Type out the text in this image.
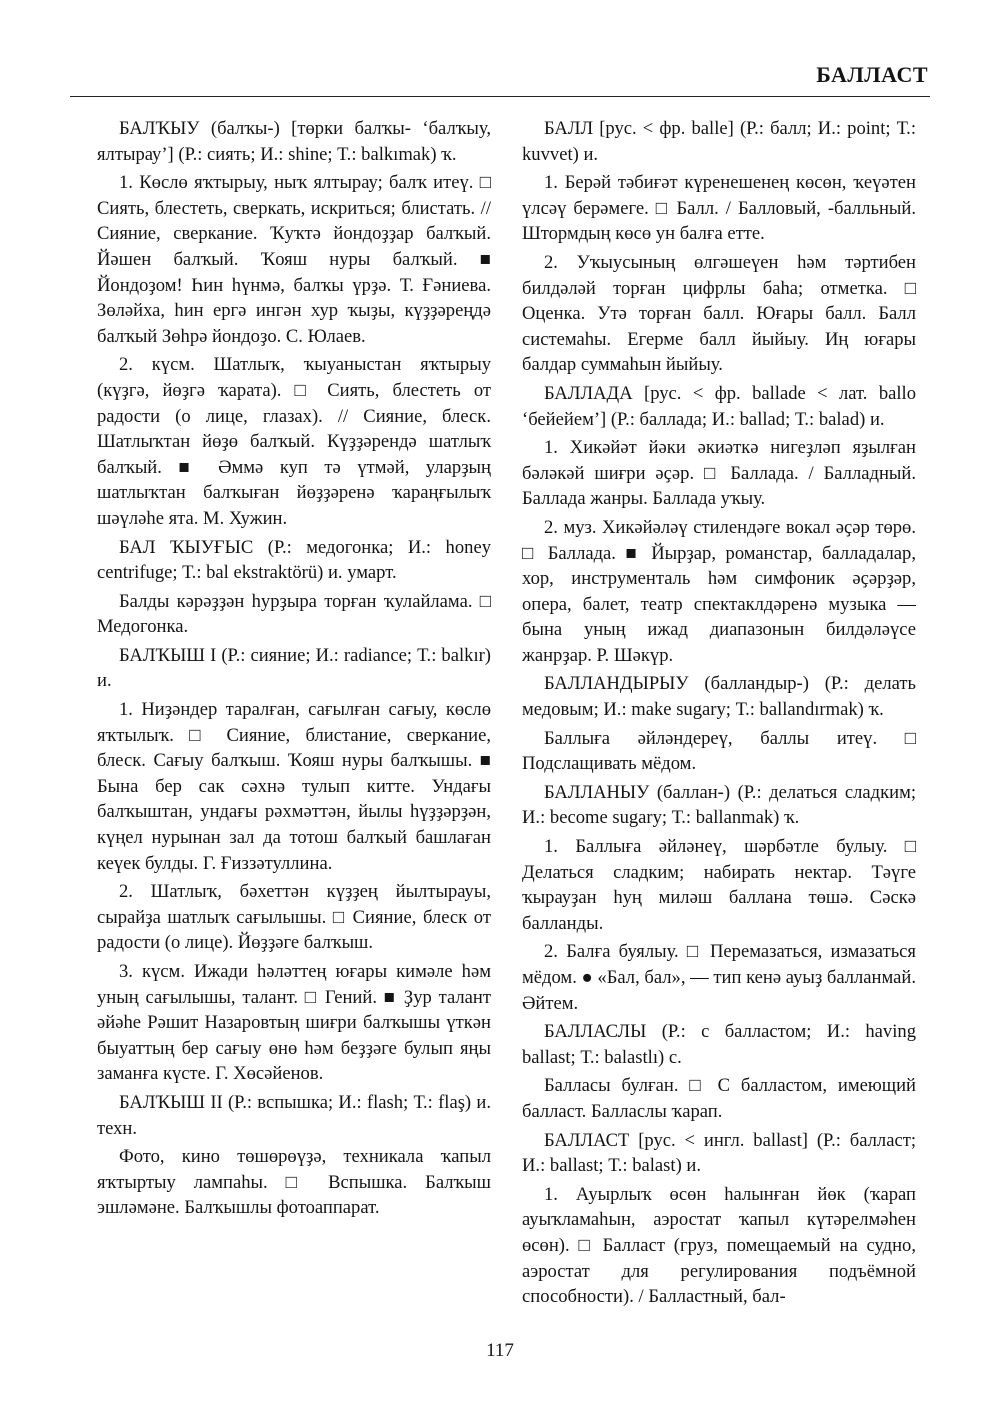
БАЛЛАСТ

БАЛҠЫУ (балҡы-) [төрки балҡы- ‘балҡыу, ялтырау’] (Р.: сиять; И.: shine; Т.: balkımak) ҡ.

1. Көслө яҡтырыу, ныҡ ялтырау; балҡ итеү. □ Сиять, блестеть, сверкать, искриться; блистать. // Сияние, сверкание. Ҡуҡтә йондоҙҙар балҡый. Йәшен балҡый. Ҡояш нуры балҡый. ■ Йондоҙом! Һин һүнмә, балҡы үрҙә. Т. Ғәниева. Зөләйха, һин ергә ингән хур ҡыҙы, күҙҙәреңдә балҡый Зөһрә йондоҙо. С. Юлаев.

2. күсм. Шатлыҡ, ҡыуаныстан яҡтырыу (күҙгә, йөҙгә ҡарата). □ Сиять, блестеть от радости (о лице, глазах). // Сияние, блеск. Шатлыҡтан йөҙө балҡый. Күҙҙәрендә шатлыҡ балҡый. ■ Әммә куп тә үтмәй, уларҙың шатлыҡтан балҡыған йөҙҙәренә ҡараңғылыҡ шәүләһе ята. М. Хужин.

БАЛ ҠЫУҒЫС (Р.: медогонка; И.: honey centrifuge; Т.: bal ekstraktörü) и. умарт.

Балды кәрәҙҙән һурҙыра торған ҡулайлама. □ Медогонка.

БАЛҠЫШ I (Р.: сияние; И.: radiance; Т.: balkır) и.

1. Ниҙәндер таралған, сағылған сағыу, көслө яҡтылыҡ. □ Сияние, блистание, сверкание, блеск. Сағыу балҡыш. Ҡояш нуры балҡышы. ■ Бына бер сак сәхнә тулып китте. Ундағы балҡыштан, ундағы рәхмәттән, йылы һүҙҙәрҙән, күңел нурынан зал да тотош балҡый башлаған кеүек булды. Г. Ғиззәтуллина.

2. Шатлыҡ, бәхеттән күҙҙең йылтырауы, сырайҙа шатлыҡ сағылышы. □ Сияние, блеск от радости (о лице). Йөҙҙәге балҡыш.

3. күсм. Ижади һәләттең юғары кимәле һәм уның сағылышы, талант. □ Гений. ■ Ҙур талант әйәһе Рәшит Назаровтың шиғри балҡышы үткән быуаттың бер сағыу өнө һәм беҙҙәге булып яңы заманға күсте. Г. Хөсәйенов.

БАЛҠЫШ II (Р.: вспышка; И.: flash; Т.: flaş) и. техн.

Фото, кино төшөрөүҙә, техникала ҡапыл яҡтыртыу лампаһы. □ Вспышка. Балҡыш эшләмәне. Балҡышлы фотоаппарат.

БАЛЛ [рус. < фр. balle] (Р.: балл; И.: point; Т.: kuvvet) и.

1. Берәй тәбиғәт күренешенең көсөн, ҡеүәтен үлсәү берәмеге. □ Балл. / Балловый, -балльный. Штормдың көсө ун балға етте.

2. Уҡыусының өлгәшеүен һәм тәртибен билдәләй торған цифрлы баһа; отметка. □ Оценка. Утә торған балл. Юғары балл. Балл системаһы. Егерме балл йыйыу. Иң юғары балдар суммаһын йыйыу.

БАЛЛАДА [рус. < фр. ballade < лат. ballo ‘бейейем’] (Р.: баллада; И.: ballad; Т.: balad) и.

1. Хикәйәт йәки әкиәткә нигеҙләп яҙылған бәләкәй шиғри әҫәр. □ Баллада. / Балладный. Баллада жанры. Баллада уҡыу.

2. муз. Хикәйәләү стилендәге вокал әҫәр төрө. □ Баллада. ■ Йырҙар, романстар, балладалар, хор, инструменталь һәм симфоник әҫәрҙәр, опера, балет, театр спектаклдәренә музыка — бына уның ижад диапазонын билдәләүсе жанрҙар. Р. Шәкүр.

БАЛЛАНДЫРЫУ (балландыр-) (Р.: делать медовым; И.: make sugary; Т.: ballandırmak) ҡ.

Баллыға әйләндереү, баллы итеү. □ Подслащивать мёдом.

БАЛЛАНЫУ (баллан-) (Р.: делаться сладким; И.: become sugary; Т.: ballanmak) ҡ.

1. Баллыға әйләнеү, шәрбәтле булыу. □ Делаться сладким; набирать нектар. Тәүге ҡырауҙан һуң миләш баллана төшә. Сәскә балланды.

2. Балға буялыу. □ Перемазаться, измазаться мёдом. ● «Бал, бал», — тип кенә ауыҙ балланмай. Әйтем.

БАЛЛАСЛЫ (Р.: с балластом; И.: having ballast; Т.: balastlı) с.

Балласы булған. □ С балластом, имеющий балласт. Балласлы ҡарап.

БАЛЛАСТ [рус. < ингл. ballast] (Р.: балласт; И.: ballast; Т.: balast) и.

1. Ауырлыҡ өсөн һалынған йөк (ҡарап ауыҡламаһын, аэростат ҡапыл күтәрелмәһен өсөн). □ Балласт (груз, помещаемый на судно, аэростат для регулирования подъёмной способности). / Балластный, бал-

117
